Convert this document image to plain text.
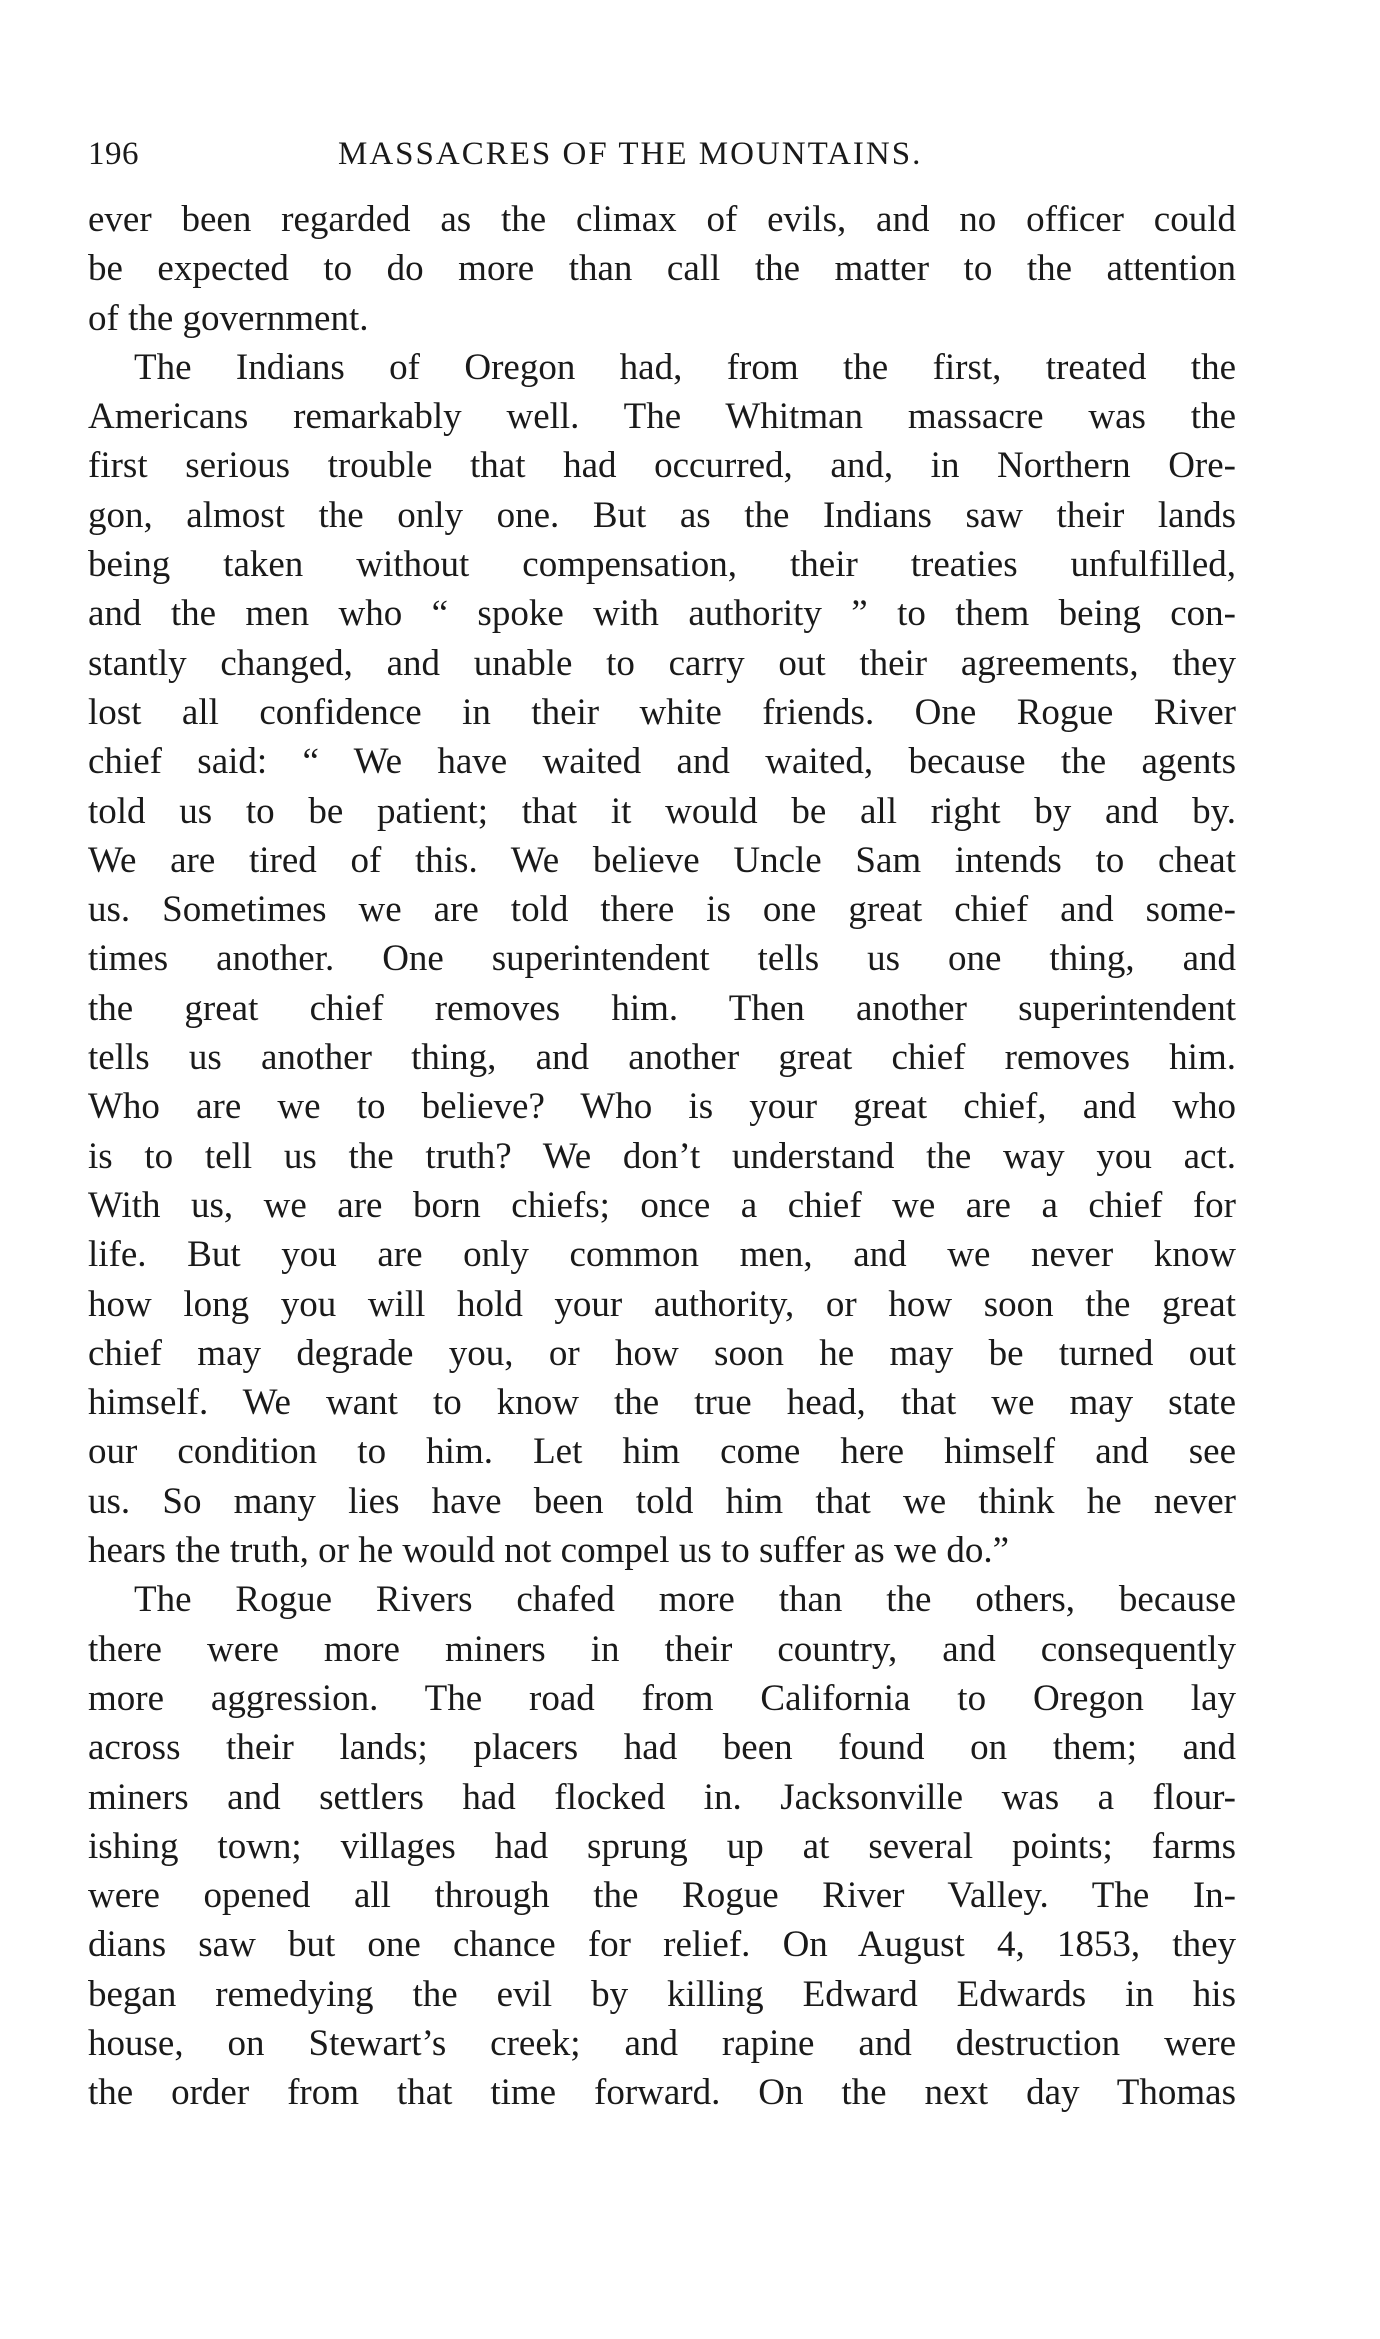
196	MASSACRES OF THE MOUNTAINS.
ever been regarded as the climax of evils, and no officer could
be expected to do more than call the matter to the attention
of the government.
The Indians of Oregon had, from the first, treated the
Americans remarkably well. The Whitman massacre was the
first serious trouble that had occurred, and, in Northern Ore-
gon, almost the only one. But as the Indians saw their lands
being taken without compensation, their treaties unfulfilled,
and the men who “ spoke with authority ” to them being con-
stantly changed, and unable to carry out their agreements, they
lost all confidence in their white friends. One Rogue River
chief said: “ We have waited and waited, because the agents
told us to be patient; that it would be all right by and by.
We are tired of this. We believe Uncle Sam intends to cheat
us. Sometimes we are told there is one great chief and some-
times another. One superintendent tells us one thing, and
the great chief removes him. Then another superintendent
tells us another thing, and another great chief removes him.
Who are we to believe? Who is your great chief, and who
is to tell us the truth? We don’t understand the way you act.
With us, we are born chiefs; once a chief we are a chief for
life. But you are only common men, and we never know
how long you will hold your authority, or how soon the great
chief may degrade you, or how soon he may be turned out
himself. We want to know the true head, that we may state
our condition to him. Let him come here himself and see
us. So many lies have been told him that we think he never
hears the truth, or he would not compel us to suffer as we do.”
The Rogue Rivers chafed more than the others, because
there were more miners in their country, and consequently
more aggression. The road from California to Oregon lay
across their lands; placers had been found on them; and
miners and settlers had flocked in. Jacksonville was a flour-
ishing town; villages had sprung up at several points; farms
were opened all through the Rogue River Valley. The In-
dians saw but one chance for relief. On August 4, 1853, they
began remedying the evil by killing Edward Edwards in his
house, on Stewart’s creek; and rapine and destruction were
the order from that time forward. On the next day Thomas
